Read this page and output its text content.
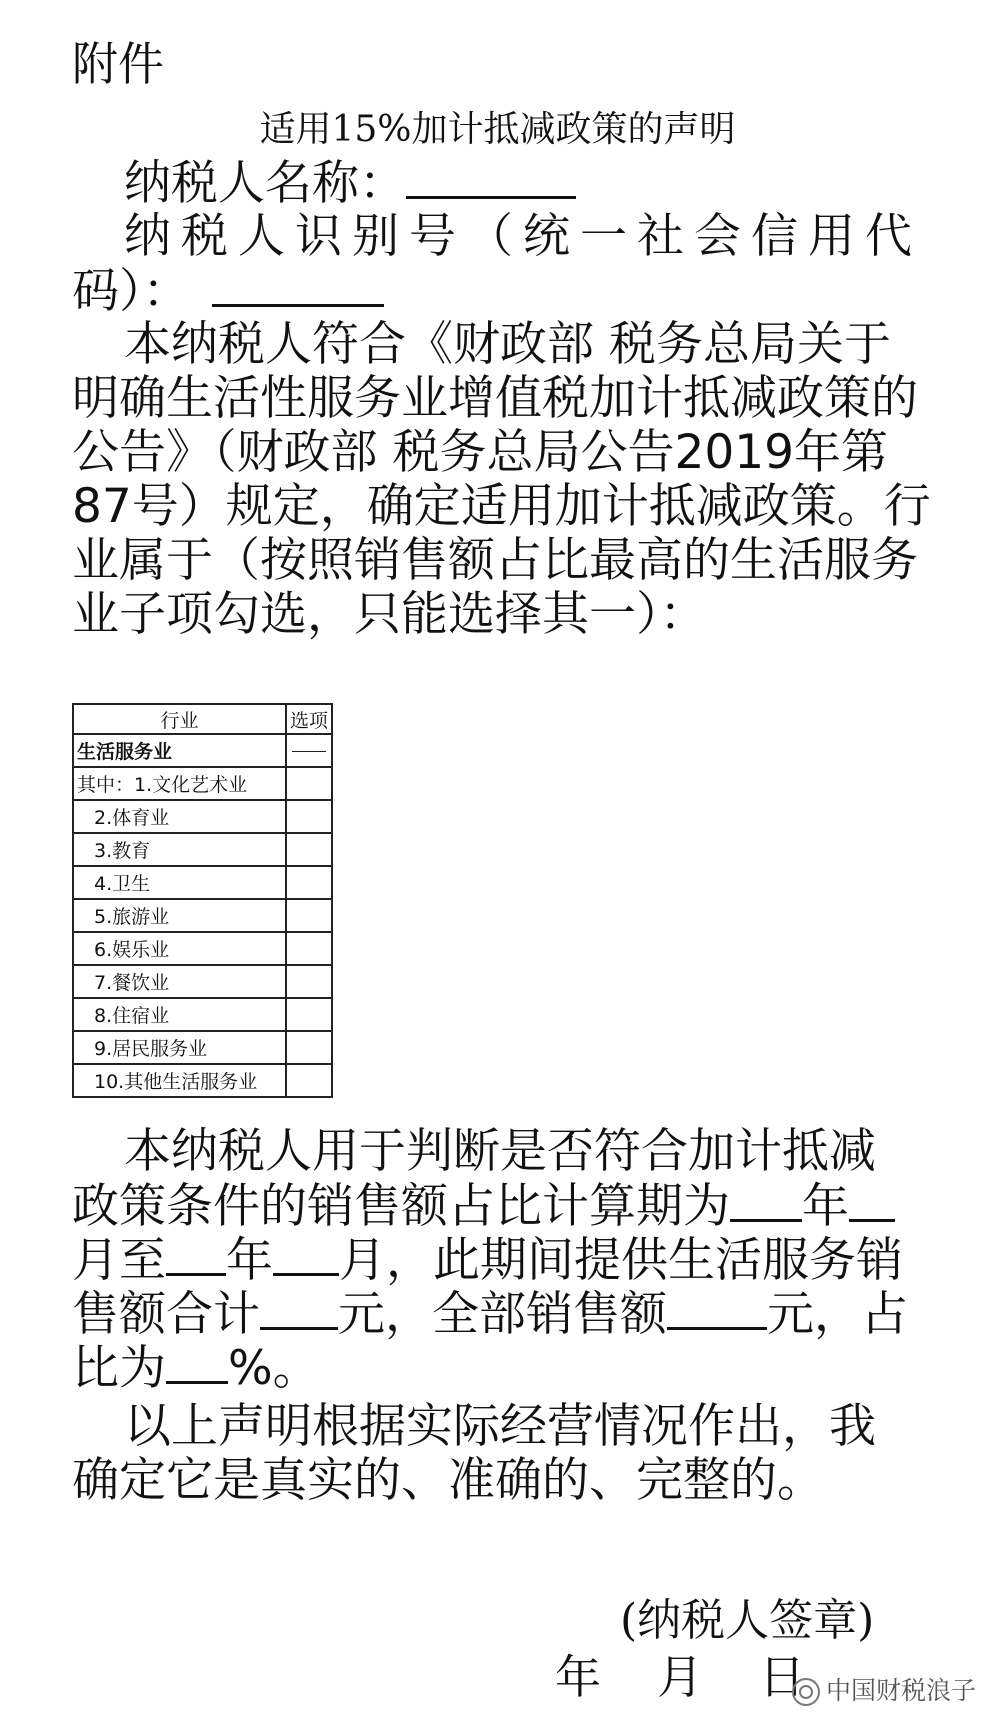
附件
适用15%加计抵减政策的声明
纳税人名称：
纳税人识别号（统一社会信用代
码）：
本纳税人符合《财政部 税务总局关于
明确生活性服务业增值税加计抵减政策的
公告》（财政部 税务总局公告2019年第
87号）规定，确定适用加计抵减政策。行
业属于（按照销售额占比最高的生活服务
业子项勾选，只能选择其一）：
行业	选项
生活服务业	
其中：1.文化艺术业	
2.体育业	
3.教育	
4.卫生	
5.旅游业	
6.娱乐业	
7.餐饮业	
8.住宿业	
9.居民服务业	
10.其他生活服务业	
本纳税人用于判断是否符合加计抵减
政策条件的销售额占比计算期为 年
月至 年 月，此期间提供生活服务销
售额合计 元，全部销售额 元，占
比为 %。
以上声明根据实际经营情况作出，我
确定它是真实的、准确的、完整的。
(纳税人签章)
年 月 日 中国财税浪子
